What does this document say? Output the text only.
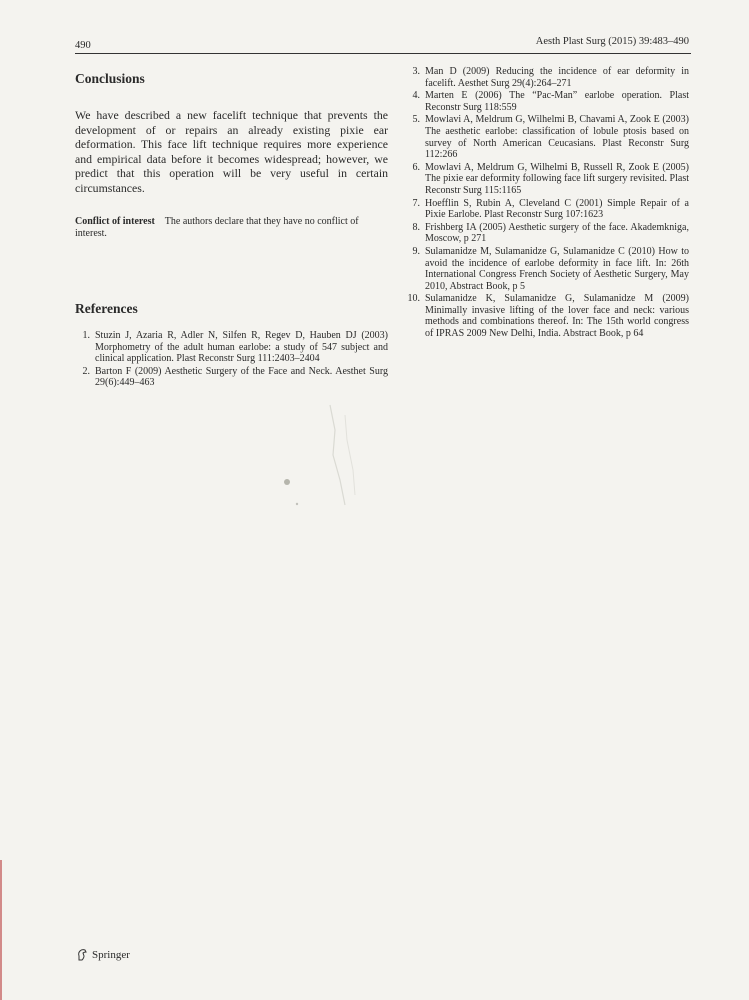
490	Aesth Plast Surg (2015) 39:483–490
Conclusions

We have described a new facelift technique that prevents the development of or repairs an already existing pixie ear deformation. This face lift technique requires more experience and empirical data before it becomes widespread; however, we predict that this operation will be very useful in certain circumstances.

Conflict of interest The authors declare that they have no conflict of interest.
References
1. Stuzin J, Azaria R, Adler N, Silfen R, Regev D, Hauben DJ (2003) Morphometry of the adult human earlobe: a study of 547 subject and clinical application. Plast Reconstr Surg 111:2403–2404
2. Barton F (2009) Aesthetic Surgery of the Face and Neck. Aesthet Surg 29(6):449–463
3. Man D (2009) Reducing the incidence of ear deformity in facelift. Aesthet Surg 29(4):264–271
4. Marten E (2006) The “Pac-Man” earlobe operation. Plast Reconstr Surg 118:559
5. Mowlavi A, Meldrum G, Wilhelmi B, Chavami A, Zook E (2003) The aesthetic earlobe: classification of lobule ptosis based on survey of North American Ceucasians. Plast Reconstr Surg 112:266
6. Mowlavi A, Meldrum G, Wilhelmi B, Russell R, Zook E (2005) The pixie ear deformity following face lift surgery revisited. Plast Reconstr Surg 115:1165
7. Hoefflin S, Rubin A, Cleveland C (2001) Simple Repair of a Pixie Earlobe. Plast Reconstr Surg 107:1623
8. Frishberg IA (2005) Aesthetic surgery of the face. Akademkniga, Moscow, p 271
9. Sulamanidze M, Sulamanidze G, Sulamanidze C (2010) How to avoid the incidence of earlobe deformity in face lift. In: 26th International Congress French Society of Aesthetic Surgery, May 2010, Abstract Book, p 5
10. Sulamanidze K, Sulamanidze G, Sulamanidze M (2009) Minimally invasive lifting of the lover face and neck: various methods and combinations thereof. In: The 15th world congress of IPRAS 2009 New Delhi, India. Abstract Book, p 64
Springer
